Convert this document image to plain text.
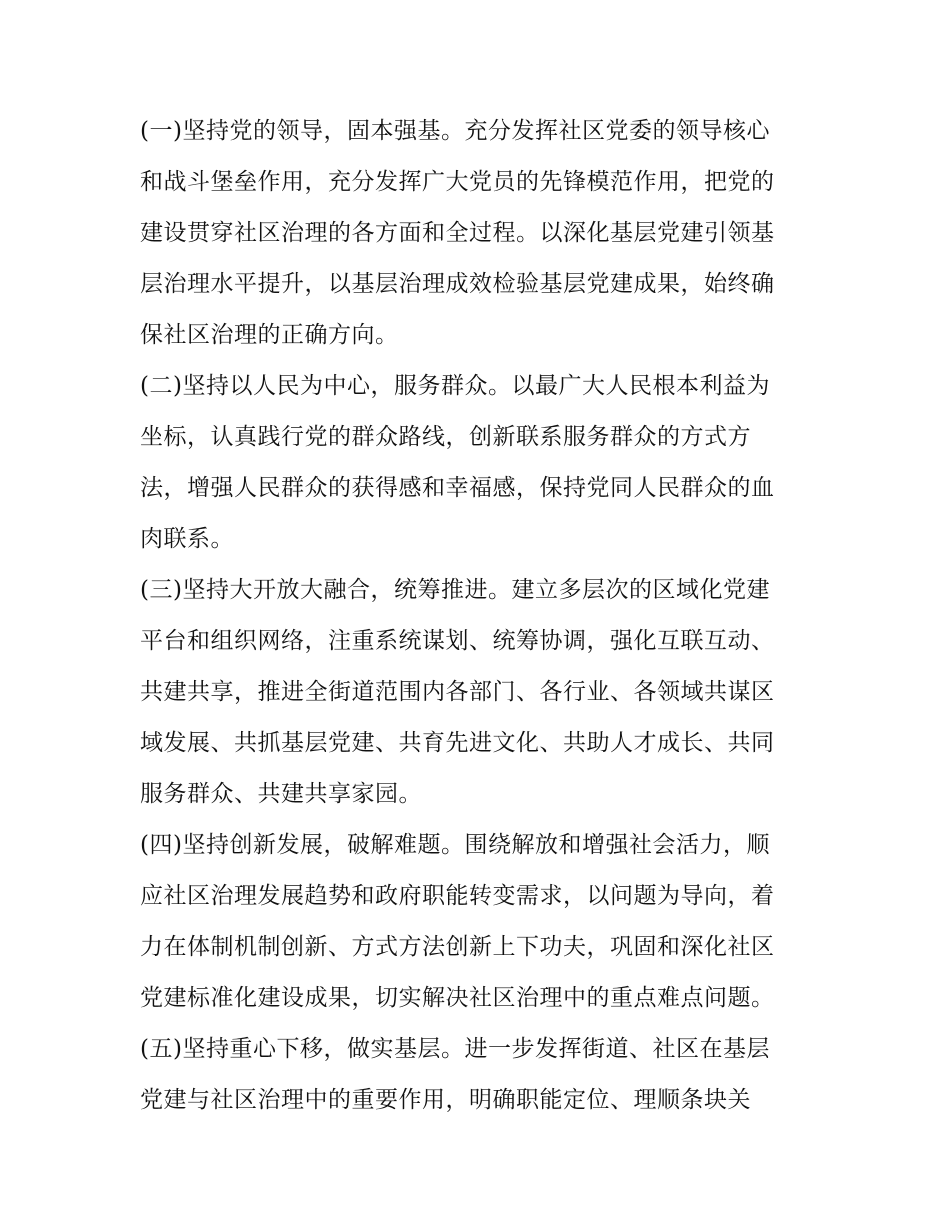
(一)坚持党的领导，固本强基。充分发挥社区党委的领导核心
和战斗堡垒作用，充分发挥广大党员的先锋模范作用，把党的
建设贯穿社区治理的各方面和全过程。以深化基层党建引领基
层治理水平提升，以基层治理成效检验基层党建成果，始终确
保社区治理的正确方向。
(二)坚持以人民为中心，服务群众。以最广大人民根本利益为
坐标，认真践行党的群众路线，创新联系服务群众的方式方
法，增强人民群众的获得感和幸福感，保持党同人民群众的血
肉联系。
(三)坚持大开放大融合，统筹推进。建立多层次的区域化党建
平台和组织网络，注重系统谋划、统筹协调，强化互联互动、
共建共享，推进全街道范围内各部门、各行业、各领域共谋区
域发展、共抓基层党建、共育先进文化、共助人才成长、共同
服务群众、共建共享家园。
(四)坚持创新发展，破解难题。围绕解放和增强社会活力，顺
应社区治理发展趋势和政府职能转变需求，以问题为导向，着
力在体制机制创新、方式方法创新上下功夫，巩固和深化社区
党建标准化建设成果，切实解决社区治理中的重点难点问题。
(五)坚持重心下移，做实基层。进一步发挥街道、社区在基层
党建与社区治理中的重要作用，明确职能定位、理顺条块关
